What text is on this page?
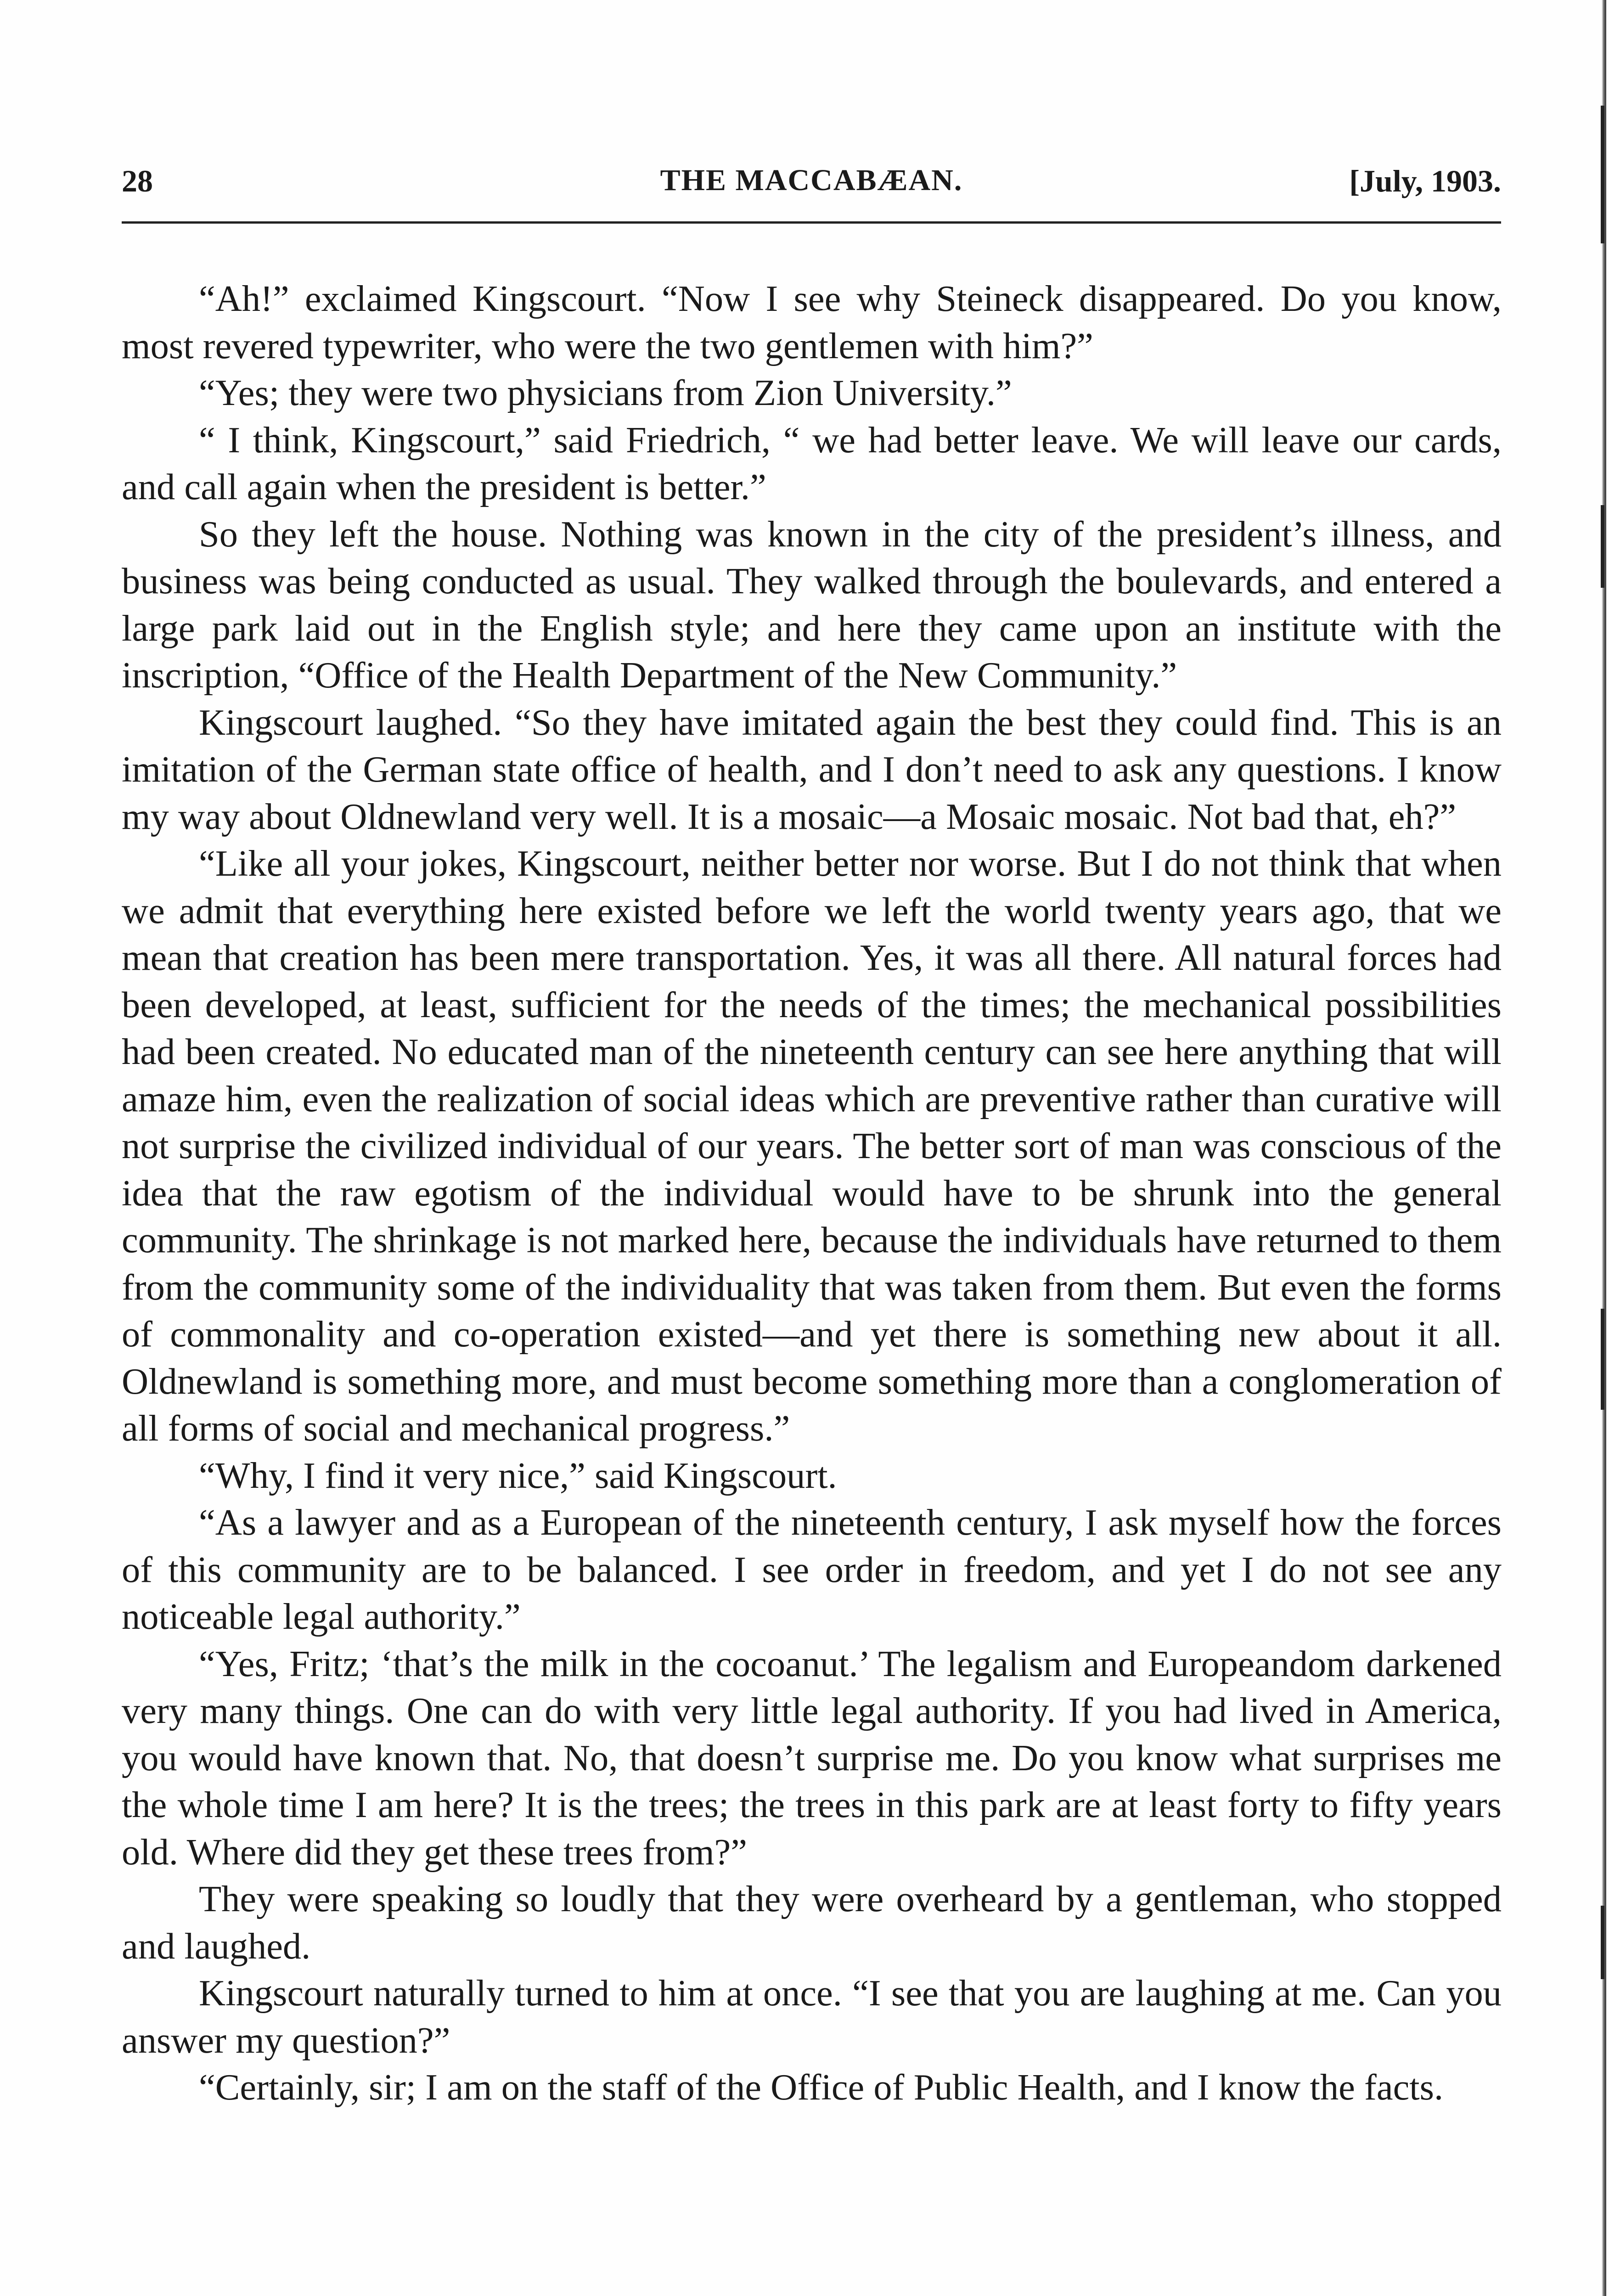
28	THE MACCABÆAN.	[July, 1903.

“Ah!” exclaimed Kingscourt. “Now I see why Steineck disappeared. Do you know, most revered typewriter, who were the two gentlemen with him?”

“Yes; they were two physicians from Zion University.”

“ I think, Kingscourt,” said Friedrich, “ we had better leave. We will leave our cards, and call again when the president is better.”

So they left the house. Nothing was known in the city of the president’s illness, and business was being conducted as usual. They walked through the boulevards, and entered a large park laid out in the English style; and here they came upon an institute with the inscription, “Office of the Health Department of the New Community.”

Kingscourt laughed. “So they have imitated again the best they could find. This is an imitation of the German state office of health, and I don’t need to ask any questions. I know my way about Oldnewland very well. It is a mosaic—a Mosaic mosaic. Not bad that, eh?”

“Like all your jokes, Kingscourt, neither better nor worse. But I do not think that when we admit that everything here existed before we left the world twenty years ago, that we mean that creation has been mere transportation. Yes, it was all there. All natural forces had been developed, at least, sufficient for the needs of the times; the mechanical possibilities had been created. No educated man of the nineteenth century can see here anything that will amaze him, even the realization of social ideas which are preventive rather than curative will not surprise the civilized individual of our years. The better sort of man was conscious of the idea that the raw egotism of the individual would have to be shrunk into the general community. The shrinkage is not marked here, because the individuals have returned to them from the community some of the individuality that was taken from them. But even the forms of commonality and co-operation existed—and yet there is something new about it all. Oldnewland is something more, and must become something more than a conglomeration of all forms of social and mechanical progress.”

“Why, I find it very nice,” said Kingscourt.

“As a lawyer and as a European of the nineteenth century, I ask myself how the forces of this community are to be balanced. I see order in freedom, and yet I do not see any noticeable legal authority.”

“Yes, Fritz; ‘that’s the milk in the cocoanut.’ The legalism and Europeandom darkened very many things. One can do with very little legal authority. If you had lived in America, you would have known that. No, that doesn’t surprise me. Do you know what surprises me the whole time I am here? It is the trees; the trees in this park are at least forty to fifty years old. Where did they get these trees from?”

They were speaking so loudly that they were overheard by a gentleman, who stopped and laughed.

Kingscourt naturally turned to him at once. “I see that you are laughing at me. Can you answer my question?”

“Certainly, sir; I am on the staff of the Office of Public Health, and I know the facts.
